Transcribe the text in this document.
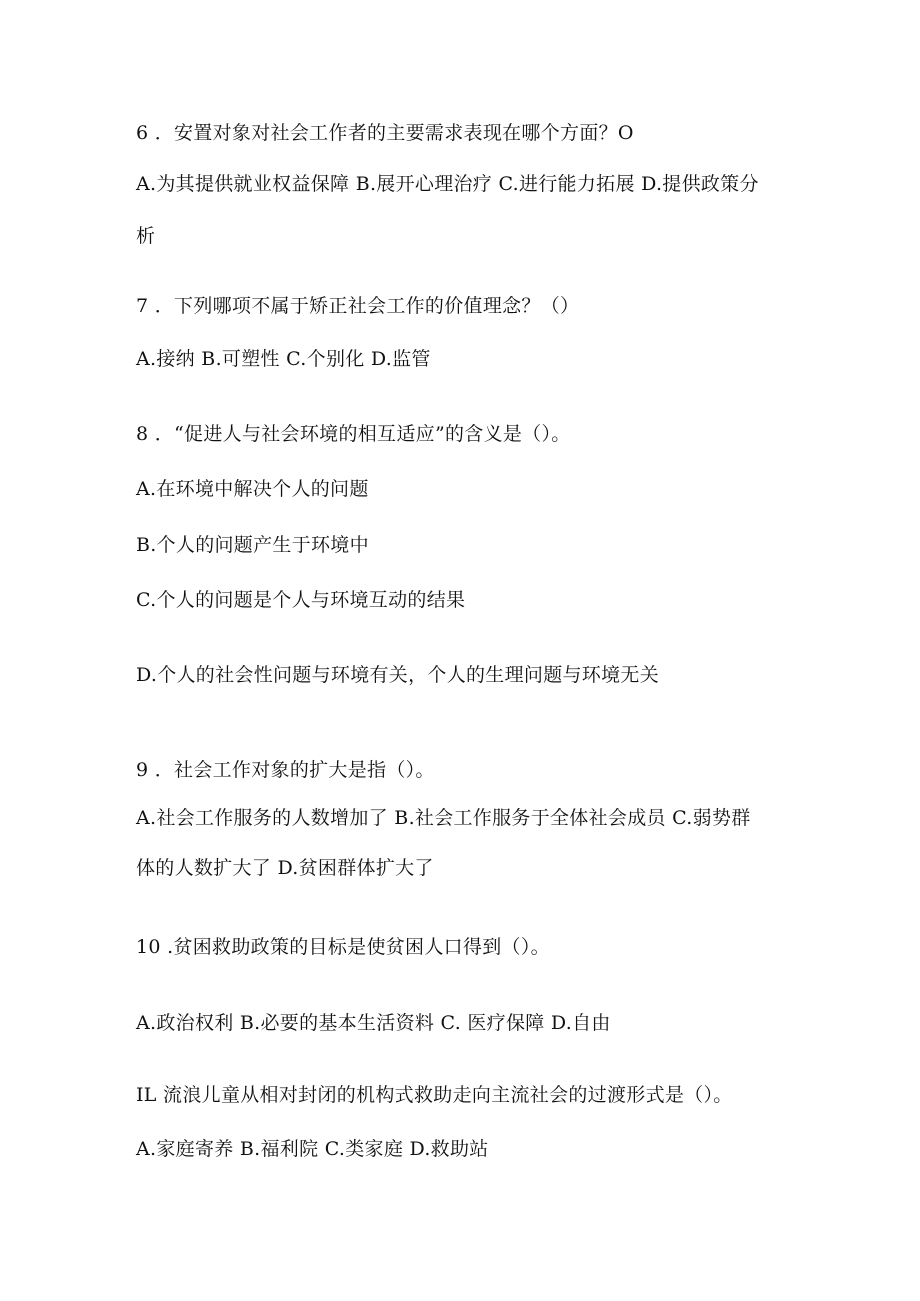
6 ．安置对象对社会工作者的主要需求表现在哪个方面？O
A.为其提供就业权益保障 B.展开心理治疗 C.进行能力拓展 D.提供政策分
析
7 ．下列哪项不属于矫正社会工作的价值理念？（）
A.接纳 B.可塑性 C.个别化 D.监管
8 ．“促进人与社会环境的相互适应”的含义是（）。
A.在环境中解决个人的问题
B.个人的问题产生于环境中
C.个人的问题是个人与环境互动的结果
D.个人的社会性问题与环境有关，个人的生理问题与环境无关
9 ．社会工作对象的扩大是指（）。
A.社会工作服务的人数增加了 B.社会工作服务于全体社会成员 C.弱势群
体的人数扩大了 D.贫困群体扩大了
10 .贫困救助政策的目标是使贫困人口得到（）。
A.政治权利 B.必要的基本生活资料 C. 医疗保障 D.自由
IL 流浪儿童从相对封闭的机构式救助走向主流社会的过渡形式是（）。
A.家庭寄养 B.福利院 C.类家庭 D.救助站
